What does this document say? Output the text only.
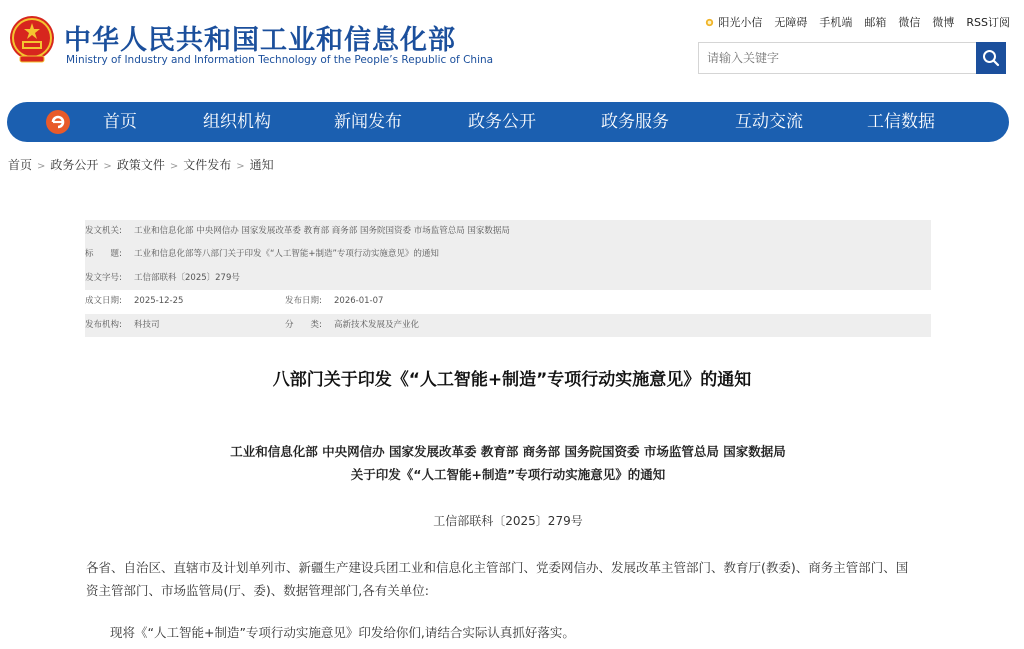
中华人民共和国工业和信息化部
Ministry of Industry and Information Technology of the People’s Republic of China
阳光小信 无障碍 手机端 邮箱 微信 微博 RSS订阅
请输入关键字
首页	组织机构	新闻发布	政务公开	政务服务	互动交流	工信数据
首页 > 政务公开 > 政策文件 > 文件发布 > 通知
发文机关: 工业和信息化部 中央网信办 国家发展改革委 教育部 商务部 国务院国资委 市场监管总局 国家数据局
标　　题: 工业和信息化部等八部门关于印发《“人工智能+制造”专项行动实施意见》的通知
发文字号: 工信部联科〔2025〕279号
成文日期: 2025-12-25	发布日期: 2026-01-07
发布机构: 科技司	分　　类: 高新技术发展及产业化
八部门关于印发《“人工智能+制造”专项行动实施意见》的通知
工业和信息化部 中央网信办 国家发展改革委 教育部 商务部 国务院国资委 市场监管总局 国家数据局
关于印发《“人工智能+制造”专项行动实施意见》的通知
工信部联科〔2025〕279号
各省、自治区、直辖市及计划单列市、新疆生产建设兵团工业和信息化主管部门、党委网信办、发展改革主管部门、教育厅(教委)、商务主管部门、国
资主管部门、市场监管局(厅、委)、数据管理部门,各有关单位:
现将《“人工智能+制造”专项行动实施意见》印发给你们,请结合实际认真抓好落实。
